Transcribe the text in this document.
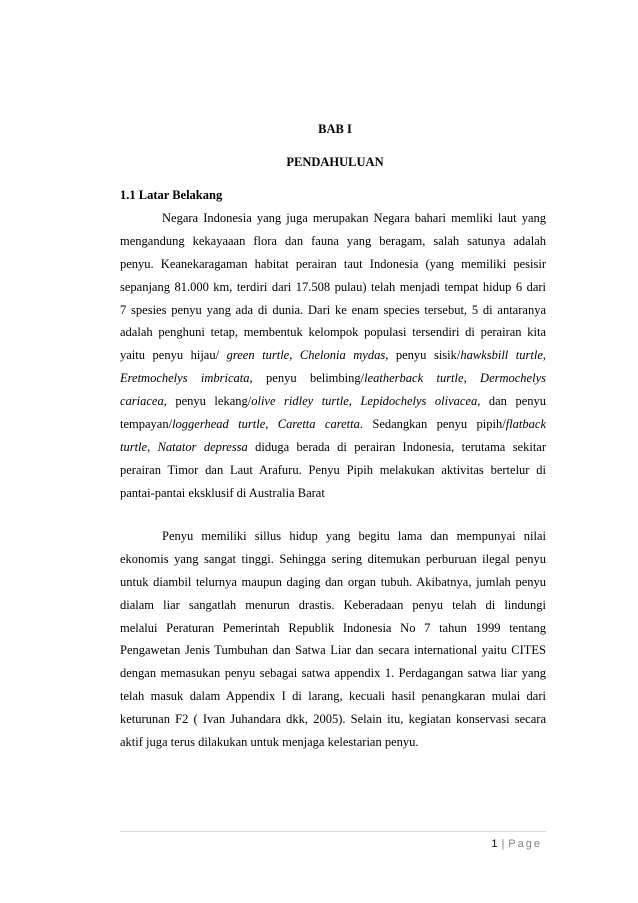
BAB I
PENDAHULUAN
1.1 Latar Belakang
Negara Indonesia yang juga merupakan Negara bahari memliki laut yang
mengandung kekayaaan flora dan fauna yang beragam, salah satunya adalah
penyu. Keanekaragaman habitat perairan taut Indonesia (yang memiliki pesisir
sepanjang 81.000 km, terdiri dari 17.508 pulau) telah menjadi tempat hidup 6 dari
7 spesies penyu yang ada di dunia. Dari ke enam species tersebut, 5 di antaranya
adalah penghuni tetap, membentuk kelompok populasi tersendiri di perairan kita
yaitu penyu hijau/ green turtle, Chelonia mydas, penyu sisik/hawksbill turtle,
Eretmochelys imbricata, penyu belimbing/leatherback turtle, Dermochelys
cariacea, penyu lekang/olive ridley turtle, Lepidochelys olivacea, dan penyu
tempayan/loggerhead turtle, Caretta caretta. Sedangkan penyu pipih/flatback
turtle, Natator depressa diduga berada di perairan Indonesia, terutama sekitar
perairan Timor dan Laut Arafuru. Penyu Pipih melakukan aktivitas bertelur di
pantai-pantai eksklusif di Australia Barat
Penyu memiliki sillus hidup yang begitu lama dan mempunyai nilai
ekonomis yang sangat tinggi. Sehingga sering ditemukan perburuan ilegal penyu
untuk diambil telurnya maupun daging dan organ tubuh. Akibatnya, jumlah penyu
dialam liar sangatlah menurun drastis. Keberadaan penyu telah di lindungi
melalui Peraturan Pemerintah Republik Indonesia No 7 tahun 1999 tentang
Pengawetan Jenis Tumbuhan dan Satwa Liar dan secara international yaitu CITES
dengan memasukan penyu sebagai satwa appendix 1. Perdagangan satwa liar yang
telah masuk dalam Appendix I di larang, kecuali hasil penangkaran mulai dari
keturunan F2 ( Ivan Juhandara dkk, 2005). Selain itu, kegiatan konservasi secara
aktif juga terus dilakukan untuk menjaga kelestarian penyu.
1 | Page
